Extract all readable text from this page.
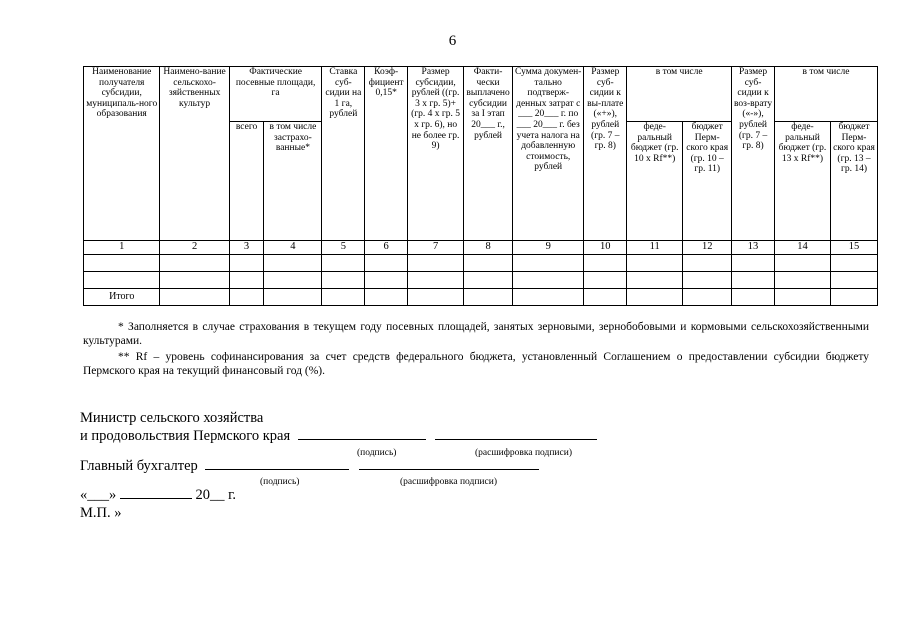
6
Наименование получателя субсидии, муниципаль-ного образования	Наимено-вание сельскохо-зяйственных культур	Фактические посевные площади, га		Ставка суб-сидии на 1 га, рублей	Коэф-фициент 0,15*	Размер субсидии, рублей ((гр. 3 х гр. 5)+ (гр. 4 х гр. 5 х гр. 6), но не более гр. 9)	Факти-чески выплачено субсидии за I этап 20___ г., рублей	Сумма докумен-тально подтверж-денных затрат с ___ 20___ г. по ___ 20___ г. без учета налога на добавленную стоимость, рублей	Размер суб-сидии к вы-плате («+»), рублей (гр. 7 – гр. 8)	в том числе		Размер суб-сидии к воз-врату («-»), рублей (гр. 7 – гр. 8)	в том числе	
		всего	в том числе застрахо-ванные*							феде-ральный бюджет (гр. 10 х Rf**)	бюджет Перм-ского края (гр. 10 – гр. 11)		феде-ральный бюджет (гр. 13 х Rf**)	бюджет Перм-ского края (гр. 13 – гр. 14)
1	2	3	4	5	6	7	8	9	10	11	12	13	14	15

Итого														

* Заполняется в случае страхования в текущем году посевных площадей, занятых зерновыми, зернобобовыми и кормовыми сельскохозяйственными культурами.

** Rf – уровень софинансирования за счет средств федерального бюджета, установленный Соглашением о предоставлении субсидии бюджету Пермского края на текущий финансовый год (%).

Министр сельского хозяйства
и продовольствия Пермского края
(подпись)	(расшифровка подписи)
Главный бухгалтер
(подпись)	(расшифровка подписи)
«___»	20__ г.
М.П. »
